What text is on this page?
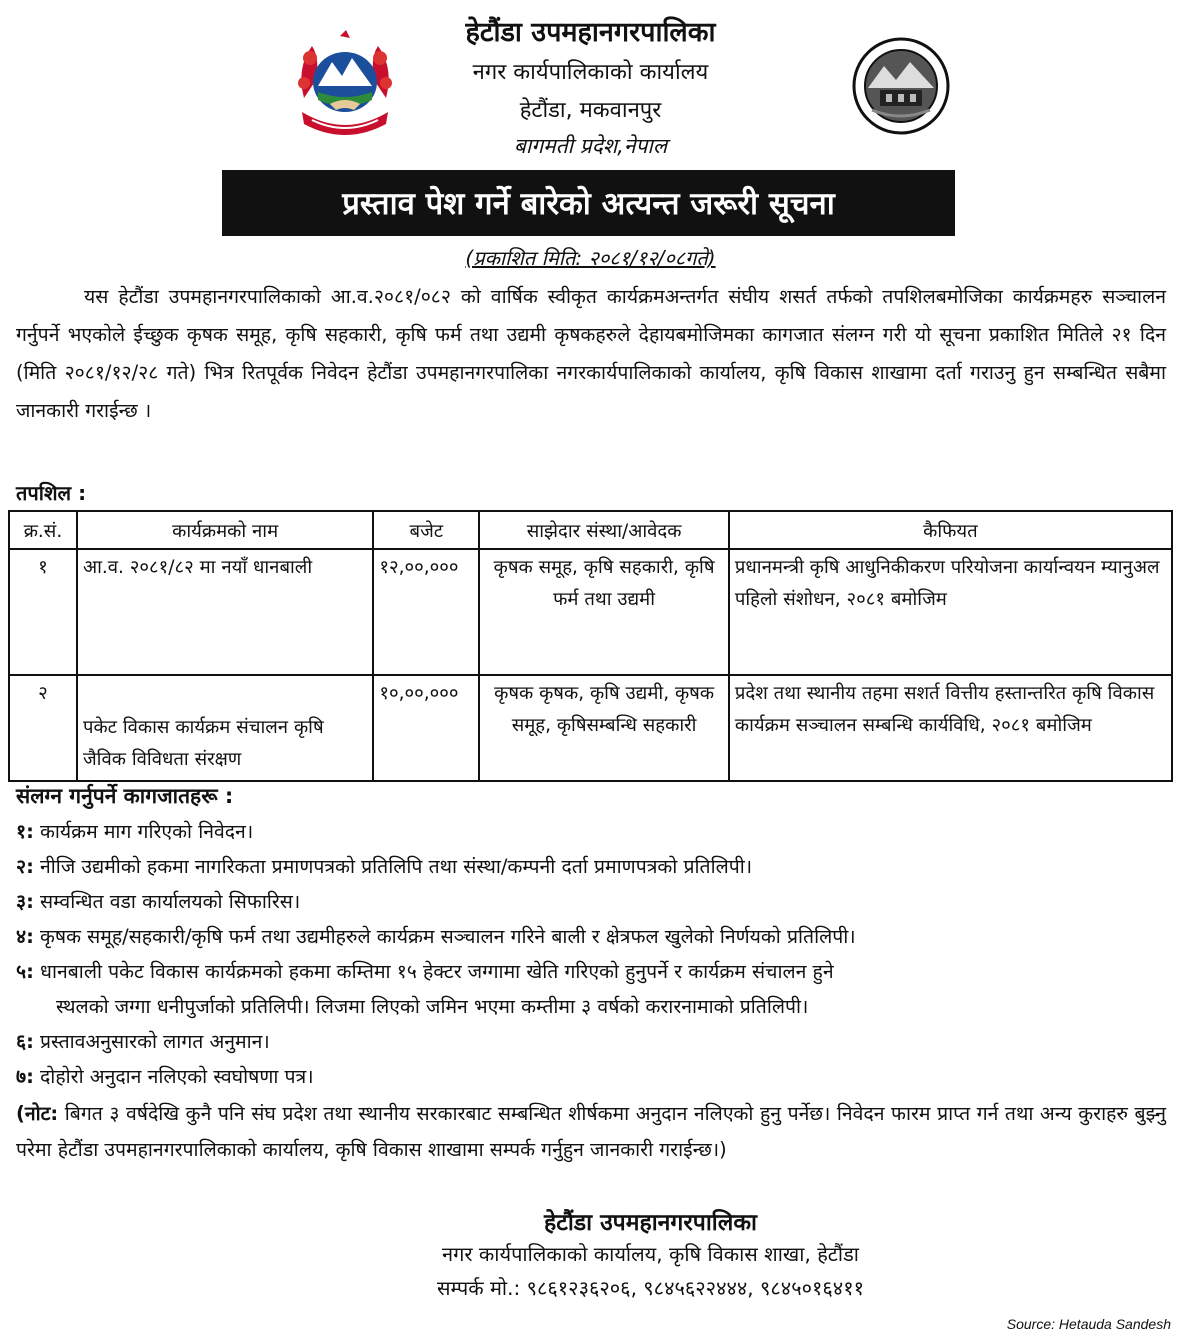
हेटौंडा उपमहानगरपालिका
नगर कार्यपालिकाको कार्यालय
हेटौंडा, मकवानपुर
बागमती प्रदेश,नेपाल
प्रस्ताव पेश गर्ने बारेको अत्यन्त जरूरी सूचना
(प्रकाशित मिति: २०८१/१२/०८गते)
यस हेटौंडा उपमहानगरपालिकाको आ.व.२०८१/०८२ को वार्षिक स्वीकृत कार्यक्रमअन्तर्गत संघीय शसर्त तर्फको तपशिलबमोजिका कार्यक्रमहरु सञ्चालन गर्नुपर्ने भएकोले ईच्छुक कृषक समूह, कृषि सहकारी, कृषि फर्म तथा उद्यमी कृषकहरुले देहायबमोजिमका कागजात संलग्न गरी यो सूचना प्रकाशित मितिले २१ दिन (मिति २०८१/१२/२८ गते) भित्र रितपूर्वक निवेदन हेटौंडा उपमहानगरपालिका नगरकार्यपालिकाको कार्यालय, कृषि विकास शाखामा दर्ता गराउनु हुन सम्बन्धित सबैमा जानकारी गराईन्छ ।
तपशिल :
क्र.सं.	कार्यक्रमको नाम	बजेट	साझेदार संस्था/आवेदक	कैफियत
१	आ.व. २०८१/८२ मा नयाँ धानबाली	१२,००,०००	कृषक समूह, कृषि सहकारी, कृषि फर्म तथा उद्यमी	प्रधानमन्त्री कृषि आधुनिकीकरण परियोजना कार्यान्वयन म्यानुअल पहिलो संशोधन, २०८१ बमोजिम
२	पकेट विकास कार्यक्रम संचालन कृषि जैविक विविधता संरक्षण	१०,००,०००	कृषक कृषक, कृषि उद्यमी, कृषक समूह, कृषिसम्बन्धि सहकारी	प्रदेश तथा स्थानीय तहमा सशर्त वित्तीय हस्तान्तरित कृषि विकास कार्यक्रम सञ्चालन सम्बन्धि कार्यविधि, २०८१ बमोजिम
संलग्न गर्नुपर्ने कागजातहरू :
१: कार्यक्रम माग गरिएको निवेदन।
२: नीजि उद्यमीको हकमा नागरिकता प्रमाणपत्रको प्रतिलिपि तथा संस्था/कम्पनी दर्ता प्रमाणपत्रको प्रतिलिपी।
३: सम्वन्धित वडा कार्यालयको सिफारिस।
४: कृषक समूह/सहकारी/कृषि फर्म तथा उद्यमीहरुले कार्यक्रम सञ्चालन गरिने बाली र क्षेत्रफल खुलेको निर्णयको प्रतिलिपी।
५: धानबाली पकेट विकास कार्यक्रमको हकमा कम्तिमा १५ हेक्टर जग्गामा खेति गरिएको हुनुपर्ने र कार्यक्रम संचालन हुने
स्थलको जग्गा धनीपुर्जाको प्रतिलिपी। लिजमा लिएको जमिन भएमा कम्तीमा ३ वर्षको करारनामाको प्रतिलिपी।
६: प्रस्तावअनुसारको लागत अनुमान।
७: दोहोरो अनुदान नलिएको स्वघोषणा पत्र।
(नोट: बिगत ३ वर्षदेखि कुनै पनि संघ प्रदेश तथा स्थानीय सरकारबाट सम्बन्धित शीर्षकमा अनुदान नलिएको हुनु पर्नेछ। निवेदन फारम प्राप्त गर्न तथा अन्य कुराहरु बुझ्नु परेमा हेटौंडा उपमहानगरपालिकाको कार्यालय, कृषि विकास शाखामा सम्पर्क गर्नुहुन जानकारी गराईन्छ।)
हेटौंडा उपमहानगरपालिका
नगर कार्यपालिकाको कार्यालय, कृषि विकास शाखा, हेटौंडा
सम्पर्क मो.: ९८६१२३६२०६, ९८४५६२२४४४, ९८४५०१६४११
Source: Hetauda Sandesh
